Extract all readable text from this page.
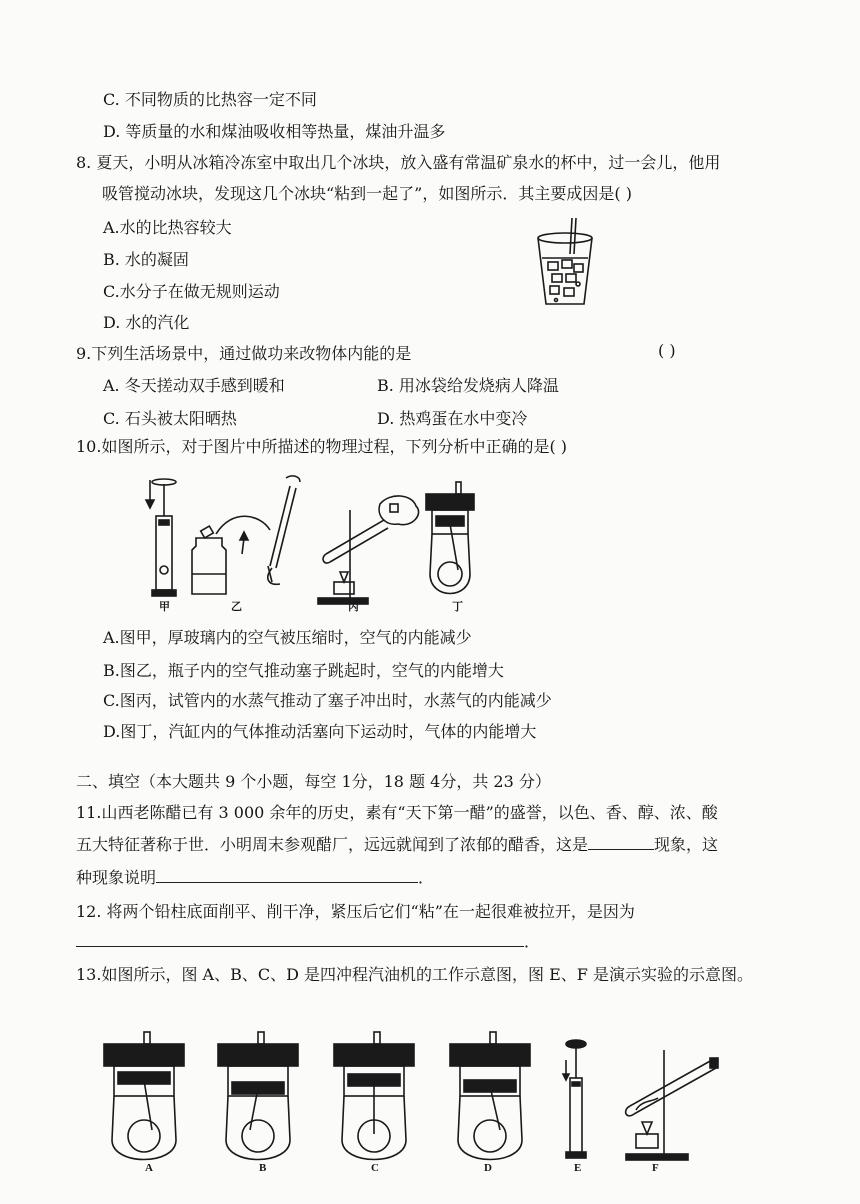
C. 不同物质的比热容一定不同
D. 等质量的水和煤油吸收相等热量，煤油升温多
8. 夏天，小明从冰箱冷冻室中取出几个冰块，放入盛有常温矿泉水的杯中，过一会儿，他用
吸管搅动冰块，发现这几个冰块“粘到一起了”，如图所示．其主要成因是( )
A.水的比热容较大
B. 水的凝固
C.水分子在做无规则运动
D. 水的汽化
9.下列生活场景中，通过做功来改物体内能的是	( )
A. 冬天搓动双手感到暖和	B. 用冰袋给发烧病人降温
C. 石头被太阳晒热	D. 热鸡蛋在水中变冷
10.如图所示，对于图片中所描述的物理过程，下列分析中正确的是( )
甲	乙	丙	丁
A.图甲，厚玻璃内的空气被压缩时，空气的内能减少
B.图乙，瓶子内的空气推动塞子跳起时，空气的内能增大
C.图丙，试管内的水蒸气推动了塞子冲出时，水蒸气的内能减少
D.图丁，汽缸内的气体推动活塞向下运动时，气体的内能增大
二、填空（本大题共 9 个小题，每空 1分，18 题 4分，共 23 分）
11.山西老陈醋已有 3 000 余年的历史，素有“天下第一醋”的盛誉，以色、香、醇、浓、酸
五大特征著称于世．小明周末参观醋厂，远远就闻到了浓郁的醋香，这是	现象，这
种现象说明	．
12. 将两个铅柱底面削平、削干净，紧压后它们“粘”在一起很难被拉开，是因为
．
13.如图所示，图 A、B、C、D 是四冲程汽油机的工作示意图，图 E、F 是演示实验的示意图。
A	B	C	D	E	F
